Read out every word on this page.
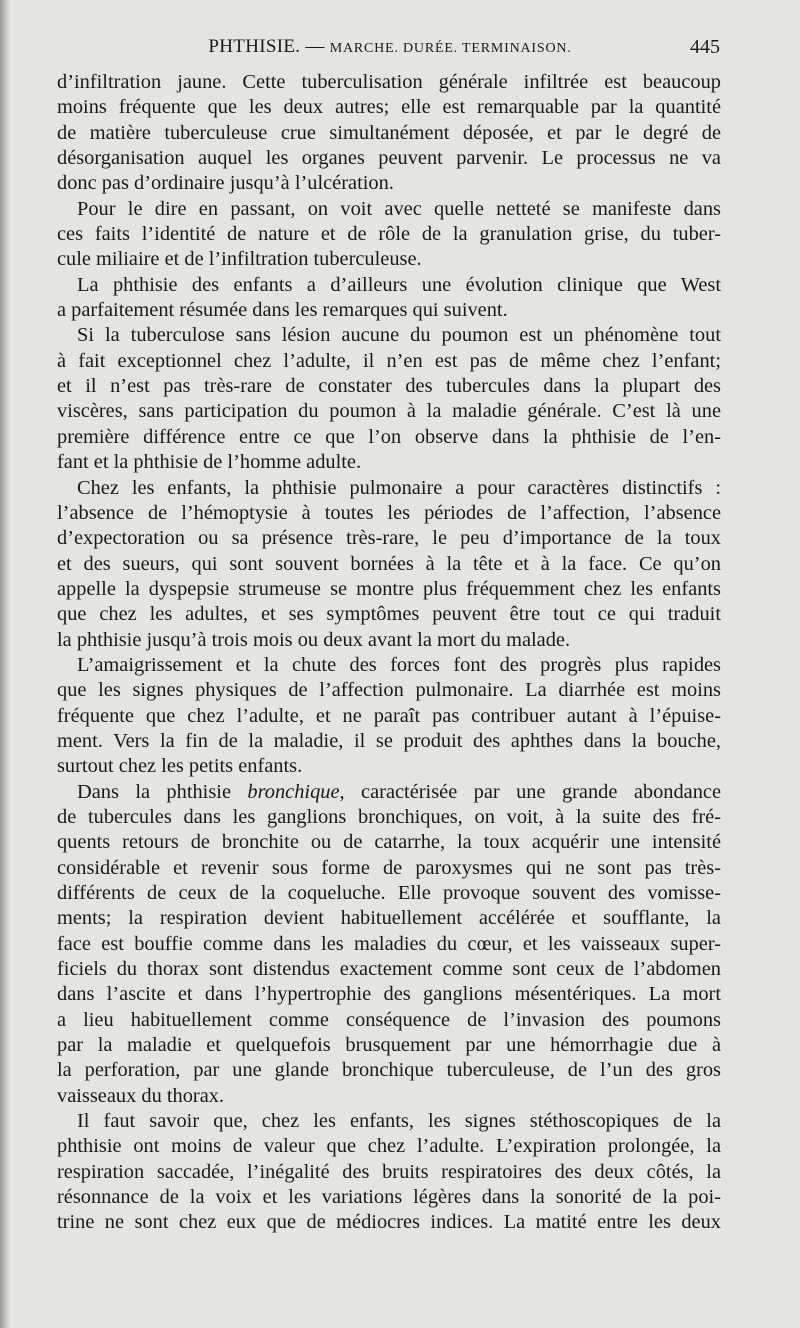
PHTHISIE. — MARCHE. DURÉE. TERMINAISON.	445
d’infiltration jaune. Cette tuberculisation générale infiltrée est beaucoup
moins fréquente que les deux autres; elle est remarquable par la quantité
de matière tuberculeuse crue simultanément déposée, et par le degré de
désorganisation auquel les organes peuvent parvenir. Le processus ne va
donc pas d’ordinaire jusqu’à l’ulcération.
Pour le dire en passant, on voit avec quelle netteté se manifeste dans
ces faits l’identité de nature et de rôle de la granulation grise, du tuber-
cule miliaire et de l’infiltration tuberculeuse.
La phthisie des enfants a d’ailleurs une évolution clinique que West
a parfaitement résumée dans les remarques qui suivent.
Si la tuberculose sans lésion aucune du poumon est un phénomène tout
à fait exceptionnel chez l’adulte, il n’en est pas de même chez l’enfant;
et il n’est pas très-rare de constater des tubercules dans la plupart des
viscères, sans participation du poumon à la maladie générale. C’est là une
première différence entre ce que l’on observe dans la phthisie de l’en-
fant et la phthisie de l’homme adulte.
Chez les enfants, la phthisie pulmonaire a pour caractères distinctifs :
l’absence de l’hémoptysie à toutes les périodes de l’affection, l’absence
d’expectoration ou sa présence très-rare, le peu d’importance de la toux
et des sueurs, qui sont souvent bornées à la tête et à la face. Ce qu’on
appelle la dyspepsie strumeuse se montre plus fréquemment chez les enfants
que chez les adultes, et ses symptômes peuvent être tout ce qui traduit
la phthisie jusqu’à trois mois ou deux avant la mort du malade.
L’amaigrissement et la chute des forces font des progrès plus rapides
que les signes physiques de l’affection pulmonaire. La diarrhée est moins
fréquente que chez l’adulte, et ne paraît pas contribuer autant à l’épuise-
ment. Vers la fin de la maladie, il se produit des aphthes dans la bouche,
surtout chez les petits enfants.
Dans la phthisie bronchique, caractérisée par une grande abondance
de tubercules dans les ganglions bronchiques, on voit, à la suite des fré-
quents retours de bronchite ou de catarrhe, la toux acquérir une intensité
considérable et revenir sous forme de paroxysmes qui ne sont pas très-
différents de ceux de la coqueluche. Elle provoque souvent des vomisse-
ments; la respiration devient habituellement accélérée et soufflante, la
face est bouffie comme dans les maladies du cœur, et les vaisseaux super-
ficiels du thorax sont distendus exactement comme sont ceux de l’abdomen
dans l’ascite et dans l’hypertrophie des ganglions mésentériques. La mort
a lieu habituellement comme conséquence de l’invasion des poumons
par la maladie et quelquefois brusquement par une hémorrhagie due à
la perforation, par une glande bronchique tuberculeuse, de l’un des gros
vaisseaux du thorax.
Il faut savoir que, chez les enfants, les signes stéthoscopiques de la
phthisie ont moins de valeur que chez l’adulte. L’expiration prolongée, la
respiration saccadée, l’inégalité des bruits respiratoires des deux côtés, la
résonnance de la voix et les variations légères dans la sonorité de la poi-
trine ne sont chez eux que de médiocres indices. La matité entre les deux
